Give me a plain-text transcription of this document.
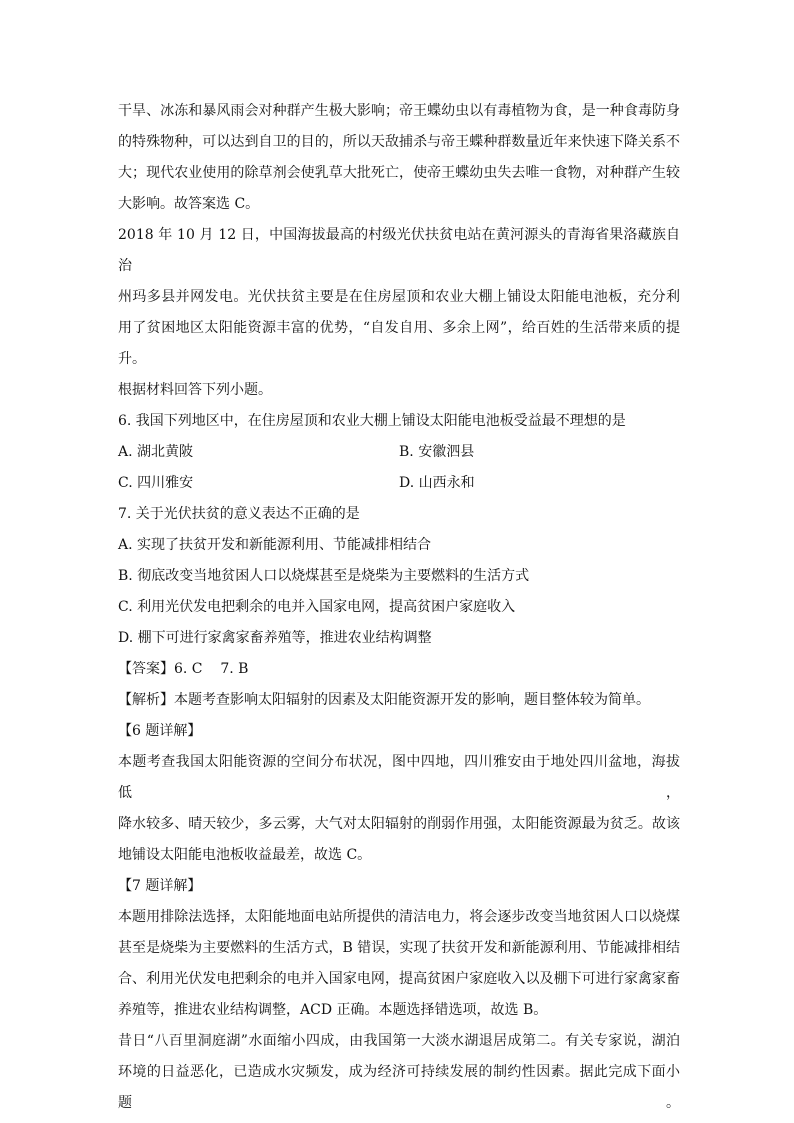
干旱、冰冻和暴风雨会对种群产生极大影响；帝王蝶幼虫以有毒植物为食，是一种食毒防身

的特殊物种，可以达到自卫的目的，所以天敌捕杀与帝王蝶种群数量近年来快速下降关系不

大；现代农业使用的除草剂会使乳草大批死亡，使帝王蝶幼虫失去唯一食物，对种群产生较

大影响。故答案选 C。

2018 年 10 月 12 日，中国海拔最高的村级光伏扶贫电站在黄河源头的青海省果洛藏族自 治

州玛多县并网发电。光伏扶贫主要是在住房屋顶和农业大棚上铺设太阳能电池板，充分利

用了贫困地区太阳能资源丰富的优势，“自发自用、多余上网”，给百姓的生活带来质的提

升。

根据材料回答下列小题。

6. 我国下列地区中，在住房屋顶和农业大棚上铺设太阳能电池板受益最不理想的是

A. 湖北黄陂	B. 安徽泗县
C. 四川雅安	D. 山西永和

7. 关于光伏扶贫的意义表达不正确的是

A. 实现了扶贫开发和新能源利用、节能减排相结合

B. 彻底改变当地贫困人口以烧煤甚至是烧柴为主要燃料的生活方式

C. 利用光伏发电把剩余的电并入国家电网，提高贫困户家庭收入

D. 棚下可进行家禽家畜养殖等，推进农业结构调整

【答案】6. C    7. B

【解析】本题考查影响太阳辐射的因素及太阳能资源开发的影响，题目整体较为简单。

【6 题详解】

本题考查我国太阳能资源的空间分布状况，图中四地，四川雅安由于地处四川盆地，海拔低，

降水较多、晴天较少，多云雾，大气对太阳辐射的削弱作用强，太阳能资源最为贫乏。故该

地铺设太阳能电池板收益最差，故选 C。

【7 题详解】

本题用排除法选择，太阳能地面电站所提供的清洁电力，将会逐步改变当地贫困人口以烧煤

甚至是烧柴为主要燃料的生活方式，B 错误，实现了扶贫开发和新能源利用、节能减排相结

合、利用光伏发电把剩余的电并入国家电网，提高贫困户家庭收入以及棚下可进行家禽家畜

养殖等，推进农业结构调整，ACD 正确。本题选择错选项，故选 B。

昔日“八百里洞庭湖”水面缩小四成，由我国第一大淡水湖退居成第二。有关专家说，湖泊

环境的日益恶化，已造成水灾频发，成为经济可持续发展的制约性因素。据此完成下面小题。
